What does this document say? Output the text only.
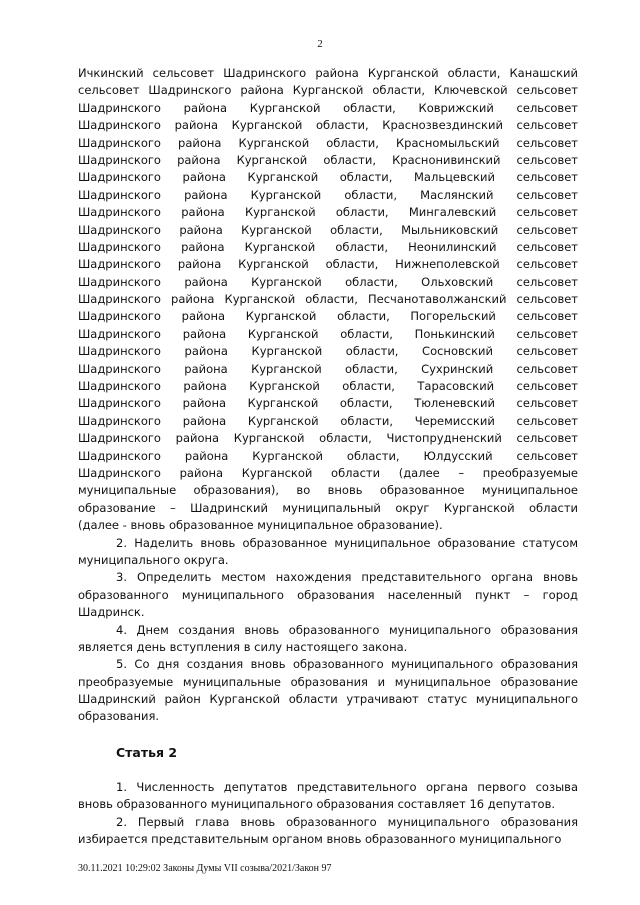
2
Ичкинский сельсовет Шадринского района Курганской области, Канашский
сельсовет Шадринского района Курганской области, Ключевской сельсовет
Шадринского района Курганской области, Коврижский сельсовет
Шадринского района Курганской области, Краснозвездинский сельсовет
Шадринского района Курганской области, Красномыльский сельсовет
Шадринского района Курганской области, Краснонивинский сельсовет
Шадринского района Курганской области, Мальцевский сельсовет
Шадринского района Курганской области, Маслянский сельсовет
Шадринского района Курганской области, Мингалевский сельсовет
Шадринского района Курганской области, Мыльниковский сельсовет
Шадринского района Курганской области, Неонилинский сельсовет
Шадринского района Курганской области, Нижнеполевской сельсовет
Шадринского района Курганской области, Ольховский сельсовет
Шадринского района Курганской области, Песчанотаволжанский сельсовет
Шадринского района Курганской области, Погорельский сельсовет
Шадринского района Курганской области, Понькинский сельсовет
Шадринского района Курганской области, Сосновский сельсовет
Шадринского района Курганской области, Сухринский сельсовет
Шадринского района Курганской области, Тарасовский сельсовет
Шадринского района Курганской области, Тюленевский сельсовет
Шадринского района Курганской области, Черемисский сельсовет
Шадринского района Курганской области, Чистопрудненский сельсовет
Шадринского района Курганской области, Юлдусский сельсовет
Шадринского района Курганской области (далее – преобразуемые
муниципальные образования), во вновь образованное муниципальное
образование – Шадринский муниципальный округ Курганской области
(далее - вновь образованное муниципальное образование).
2. Наделить вновь образованное муниципальное образование статусом
муниципального округа.
3. Определить местом нахождения представительного органа вновь
образованного муниципального образования населенный пункт – город
Шадринск.
4. Днем создания вновь образованного муниципального образования
является день вступления в силу настоящего закона.
5. Со дня создания вновь образованного муниципального образования
преобразуемые муниципальные образования и муниципальное образование
Шадринский район Курганской области утрачивают статус муниципального
образования.
Статья 2
1. Численность депутатов представительного органа первого созыва
вновь образованного муниципального образования составляет 16 депутатов.
2. Первый глава вновь образованного муниципального образования
избирается представительным органом вновь образованного муниципального
30.11.2021 10:29:02 Законы Думы VII созыва/2021/Закон 97
